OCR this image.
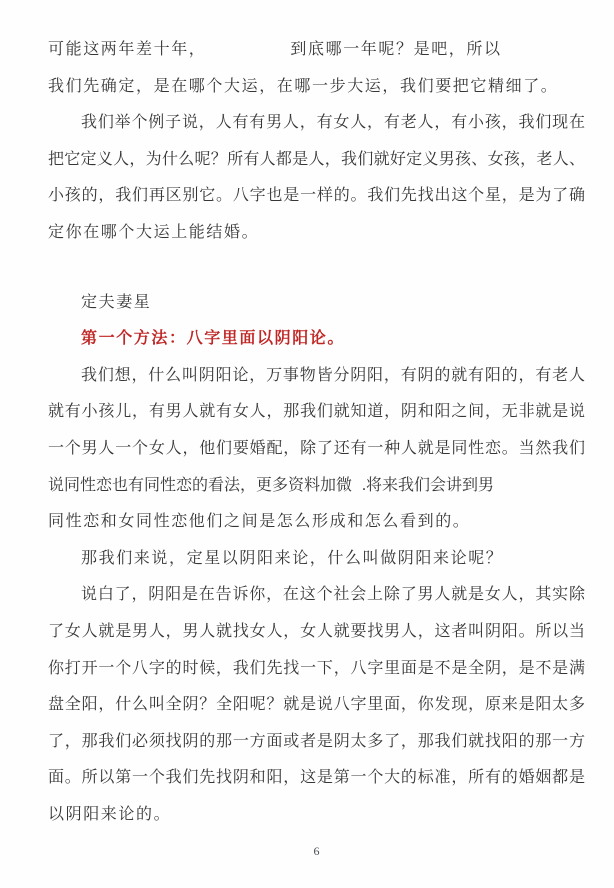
可能这两年差十年，	到底哪一年呢？是吧，所以
我们先确定，是在哪个大运，在哪一步大运，我们要把它精细了。
我们举个例子说，人有有男人，有女人，有老人，有小孩，我们现在
把它定义人，为什么呢？所有人都是人，我们就好定义男孩、女孩，老人、
小孩的，我们再区别它。八字也是一样的。我们先找出这个星，是为了确
定你在哪个大运上能结婚。
定夫妻星
第一个方法：八字里面以阴阳论。
我们想，什么叫阴阳论，万事物皆分阴阳，有阴的就有阳的，有老人
就有小孩儿，有男人就有女人，那我们就知道，阴和阳之间，无非就是说
一个男人一个女人，他们要婚配，除了还有一种人就是同性恋。当然我们
说同性恋也有同性恋的看法，更多资料加微 .将来我们会讲到男
同性恋和女同性恋他们之间是怎么形成和怎么看到的。
那我们来说，定星以阴阳来论，什么叫做阴阳来论呢？
说白了，阴阳是在告诉你，在这个社会上除了男人就是女人，其实除
了女人就是男人，男人就找女人，女人就要找男人，这者叫阴阳。所以当
你打开一个八字的时候，我们先找一下，八字里面是不是全阴，是不是满
盘全阳，什么叫全阴？全阳呢？就是说八字里面，你发现，原来是阳太多
了，那我们必须找阴的那一方面或者是阴太多了，那我们就找阳的那一方
面。所以第一个我们先找阴和阳，这是第一个大的标准，所有的婚姻都是
以阴阳来论的。
6
